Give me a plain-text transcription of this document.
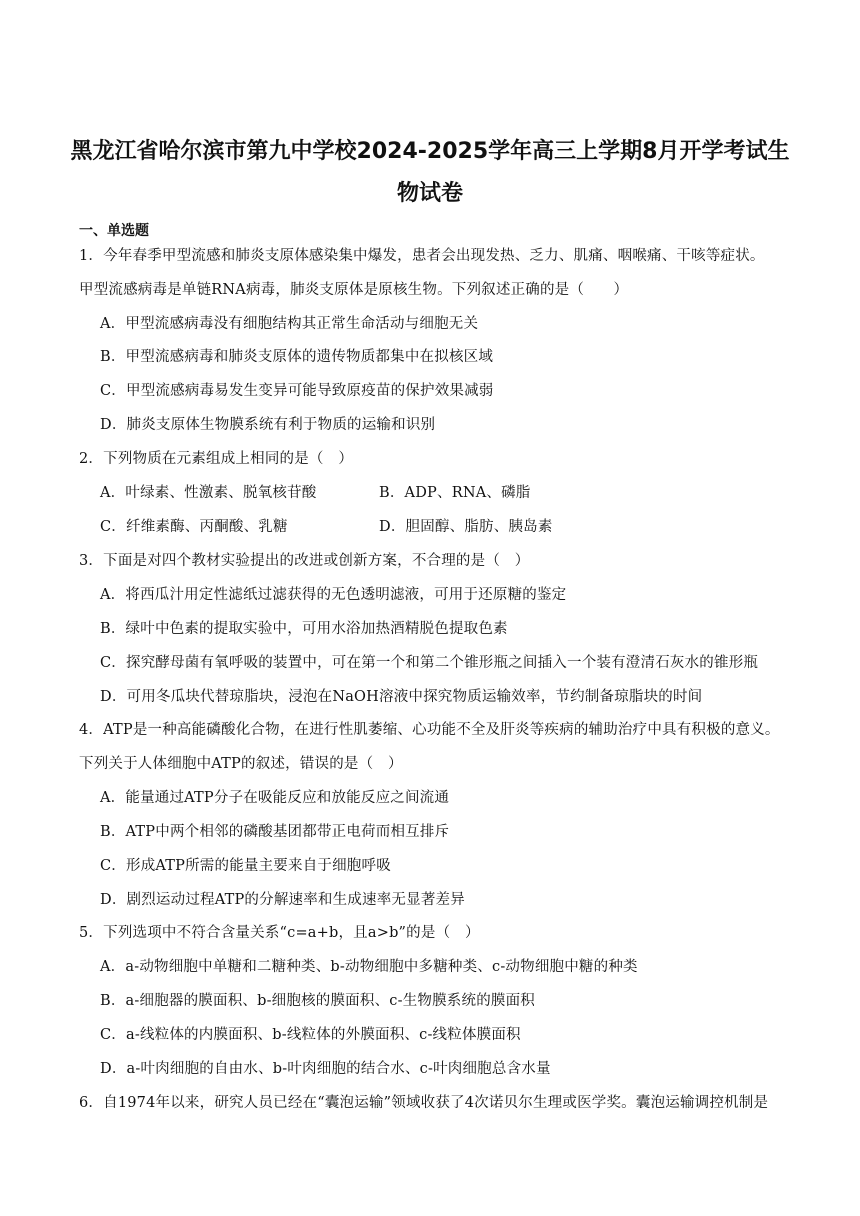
黑龙江省哈尔滨市第九中学校2024-2025学年高三上学期8月开学考试生
物试卷
一、单选题
1．今年春季甲型流感和肺炎支原体感染集中爆发，患者会出现发热、乏力、肌痛、咽喉痛、干咳等症状。
甲型流感病毒是单链RNA病毒，肺炎支原体是原核生物。下列叙述正确的是（　　）
A．甲型流感病毒没有细胞结构其正常生命活动与细胞无关
B．甲型流感病毒和肺炎支原体的遗传物质都集中在拟核区域
C．甲型流感病毒易发生变异可能导致原疫苗的保护效果减弱
D．肺炎支原体生物膜系统有利于物质的运输和识别
2．下列物质在元素组成上相同的是（　）
A．叶绿素、性激素、脱氧核苷酸	B．ADP、RNA、磷脂
C．纤维素酶、丙酮酸、乳糖	D．胆固醇、脂肪、胰岛素
3．下面是对四个教材实验提出的改进或创新方案，不合理的是（　）
A．将西瓜汁用定性滤纸过滤获得的无色透明滤液，可用于还原糖的鉴定
B．绿叶中色素的提取实验中，可用水浴加热酒精脱色提取色素
C．探究酵母菌有氧呼吸的装置中，可在第一个和第二个锥形瓶之间插入一个装有澄清石灰水的锥形瓶
D．可用冬瓜块代替琼脂块，浸泡在NaOH溶液中探究物质运输效率，节约制备琼脂块的时间
4．ATP是一种高能磷酸化合物，在进行性肌萎缩、心功能不全及肝炎等疾病的辅助治疗中具有积极的意义。
下列关于人体细胞中ATP的叙述，错误的是（　）
A．能量通过ATP分子在吸能反应和放能反应之间流通
B．ATP中两个相邻的磷酸基团都带正电荷而相互排斥
C．形成ATP所需的能量主要来自于细胞呼吸
D．剧烈运动过程ATP的分解速率和生成速率无显著差异
5．下列选项中不符合含量关系“c=a+b，且a>b”的是（　）
A．a-动物细胞中单糖和二糖种类、b-动物细胞中多糖种类、c-动物细胞中糖的种类
B．a-细胞器的膜面积、b-细胞核的膜面积、c-生物膜系统的膜面积
C．a-线粒体的内膜面积、b-线粒体的外膜面积、c-线粒体膜面积
D．a-叶肉细胞的自由水、b-叶肉细胞的结合水、c-叶肉细胞总含水量
6．自1974年以来，研究人员已经在“囊泡运输”领域收获了4次诺贝尔生理或医学奖。囊泡运输调控机制是
